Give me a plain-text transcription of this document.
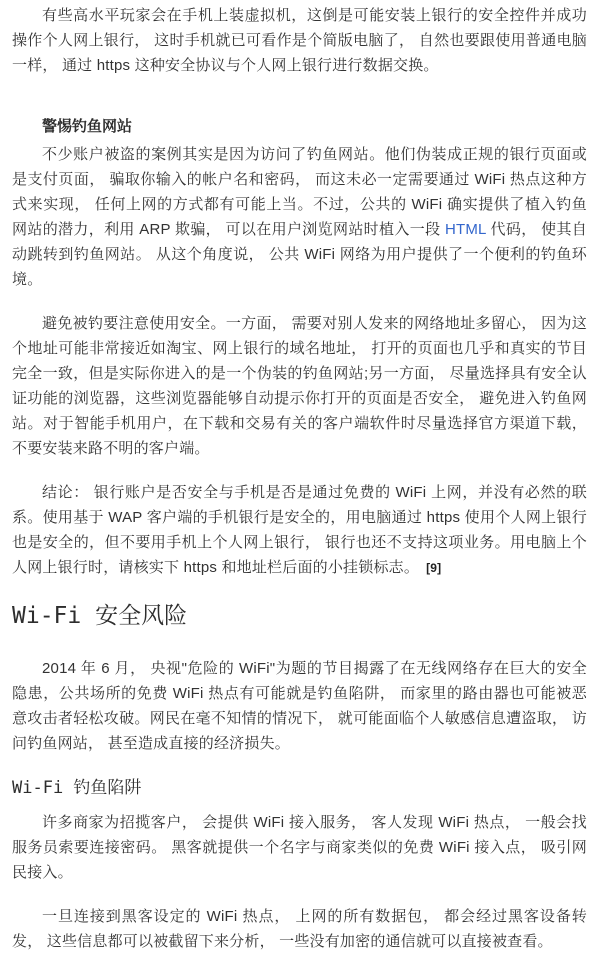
有些高水平玩家会在手机上装虚拟机，这倒是可能安装上银行的安全控件并成功操作个人网上银行， 这时手机就已可看作是个简版电脑了， 自然也要跟使用普通电脑一样， 通过 https 这种安全协议与个人网上银行进行数据交换。

警惕钓鱼网站

不少账户被盗的案例其实是因为访问了钓鱼网站。他们伪装成正规的银行页面或是支付页面， 骗取你输入的帐户名和密码， 而这未必一定需要通过 WiFi 热点这种方式来实现， 任何上网的方式都有可能上当。不过，公共的 WiFi 确实提供了植入钓鱼网站的潜力，利用 ARP 欺骗， 可以在用户浏览网站时植入一段 HTML 代码， 使其自动跳转到钓鱼网站。 从这个角度说， 公共 WiFi 网络为用户提供了一个便利的钓鱼环境。

避免被钓要注意使用安全。一方面， 需要对别人发来的网络地址多留心， 因为这个地址可能非常接近如淘宝、网上银行的域名地址， 打开的页面也几乎和真实的节目完全一致，但是实际你进入的是一个伪装的钓鱼网站;另一方面， 尽量选择具有安全认证功能的浏览器，这些浏览器能够自动提示你打开的页面是否安全， 避免进入钓鱼网站。对于智能手机用户，在下载和交易有关的客户端软件时尽量选择官方渠道下载， 不要安装来路不明的客户端。

结论： 银行账户是否安全与手机是否是通过免费的 WiFi 上网，并没有必然的联系。使用基于 WAP 客户端的手机银行是安全的，用电脑通过 https 使用个人网上银行也是安全的，但不要用手机上个人网上银行， 银行也还不支持这项业务。用电脑上个人网上银行时，请核实下 https 和地址栏后面的小挂锁标志。 [9]

Wi-Fi 安全风险

2014 年 6 月， 央视"危险的 WiFi"为题的节目揭露了在无线网络存在巨大的安全隐患，公共场所的免费 WiFi 热点有可能就是钓鱼陷阱， 而家里的路由器也可能被恶意攻击者轻松攻破。网民在毫不知情的情况下， 就可能面临个人敏感信息遭盗取， 访问钓鱼网站， 甚至造成直接的经济损失。

Wi-Fi 钓鱼陷阱

许多商家为招揽客户， 会提供 WiFi 接入服务， 客人发现 WiFi 热点， 一般会找服务员索要连接密码。 黑客就提供一个名字与商家类似的免费 WiFi 接入点， 吸引网民接入。

一旦连接到黑客设定的 WiFi 热点， 上网的所有数据包， 都会经过黑客设备转发， 这些信息都可以被截留下来分析， 一些没有加密的通信就可以直接被查看。
